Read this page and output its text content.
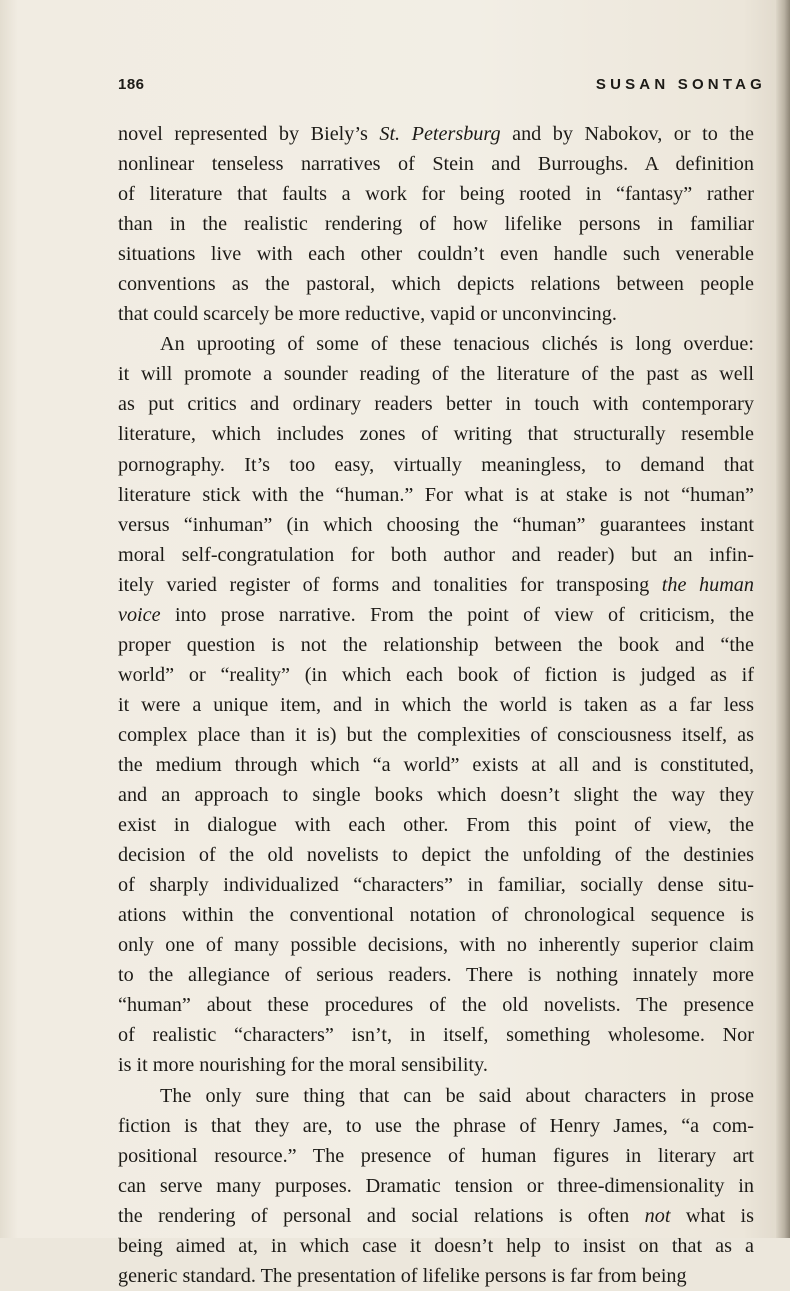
186	SUSAN SONTAG

novel represented by Biely’s St. Petersburg and by Nabokov, or to the

nonlinear tenseless narratives of Stein and Burroughs. A definition

of literature that faults a work for being rooted in “fantasy” rather

than in the realistic rendering of how lifelike persons in familiar

situations live with each other couldn’t even handle such venerable

conventions as the pastoral, which depicts relations between people

that could scarcely be more reductive, vapid or unconvincing.

An uprooting of some of these tenacious clichés is long overdue:

it will promote a sounder reading of the literature of the past as well

as put critics and ordinary readers better in touch with contemporary

literature, which includes zones of writing that structurally resemble

pornography. It’s too easy, virtually meaningless, to demand that

literature stick with the “human.” For what is at stake is not “human”

versus “inhuman” (in which choosing the “human” guarantees instant

moral self-congratulation for both author and reader) but an infin-

itely varied register of forms and tonalities for transposing the human

voice into prose narrative. From the point of view of criticism, the

proper question is not the relationship between the book and “the

world” or “reality” (in which each book of fiction is judged as if

it were a unique item, and in which the world is taken as a far less

complex place than it is) but the complexities of consciousness itself, as

the medium through which “a world” exists at all and is constituted,

and an approach to single books which doesn’t slight the way they

exist in dialogue with each other. From this point of view, the

decision of the old novelists to depict the unfolding of the destinies

of sharply individualized “characters” in familiar, socially dense situ-

ations within the conventional notation of chronological sequence is

only one of many possible decisions, with no inherently superior claim

to the allegiance of serious readers. There is nothing innately more

“human” about these procedures of the old novelists. The presence

of realistic “characters” isn’t, in itself, something wholesome. Nor

is it more nourishing for the moral sensibility.

The only sure thing that can be said about characters in prose

fiction is that they are, to use the phrase of Henry James, “a com-

positional resource.” The presence of human figures in literary art

can serve many purposes. Dramatic tension or three-dimensionality in

the rendering of personal and social relations is often not what is

being aimed at, in which case it doesn’t help to insist on that as a

generic standard. The presentation of lifelike persons is far from being
